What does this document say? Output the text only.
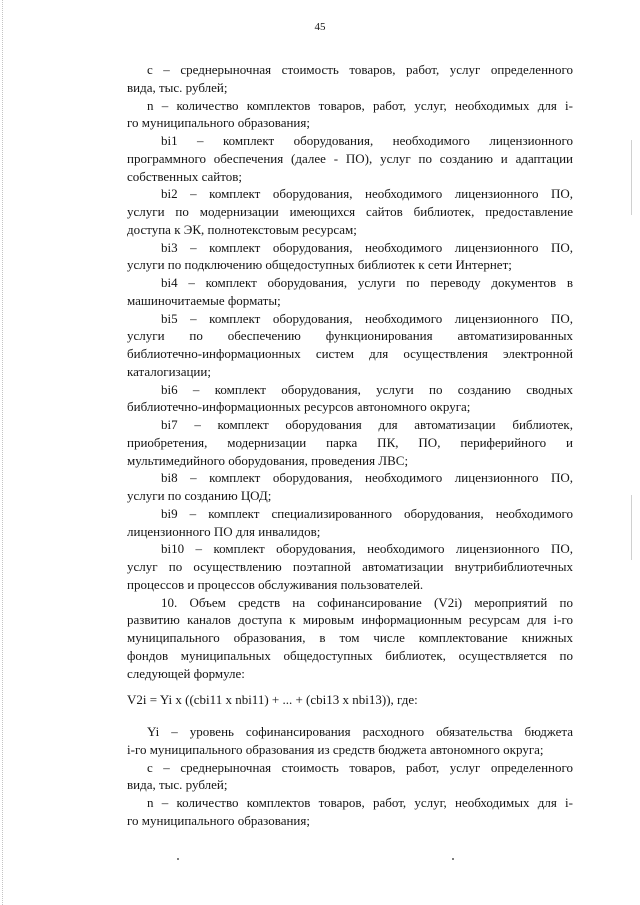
45
c – среднерыночная стоимость товаров, работ, услуг определенного
вида, тыс. рублей;
n – количество комплектов товаров, работ, услуг, необходимых для i-
го муниципального образования;
bi1 – комплект оборудования, необходимого лицензионного
программного обеспечения (далее - ПО), услуг по созданию и адаптации
собственных сайтов;
bi2 – комплект оборудования, необходимого лицензионного ПО,
услуги по модернизации имеющихся сайтов библиотек, предоставление
доступа к ЭК, полнотекстовым ресурсам;
bi3 – комплект оборудования, необходимого лицензионного ПО,
услуги по подключению общедоступных библиотек к сети Интернет;
bi4 – комплект оборудования, услуги по переводу документов в
машиночитаемые форматы;
bi5 – комплект оборудования, необходимого лицензионного ПО,
услуги по обеспечению функционирования автоматизированных
библиотечно-информационных систем для осуществления электронной
каталогизации;
bi6 – комплект оборудования, услуги по созданию сводных
библиотечно-информационных ресурсов автономного округа;
bi7 – комплект оборудования для автоматизации библиотек,
приобретения, модернизации парка ПК, ПО, периферийного и
мультимедийного оборудования, проведения ЛВС;
bi8 – комплект оборудования, необходимого лицензионного ПО,
услуги по созданию ЦОД;
bi9 – комплект специализированного оборудования, необходимого
лицензионного ПО для инвалидов;
bi10 – комплект оборудования, необходимого лицензионного ПО,
услуг по осуществлению поэтапной автоматизации внутрибиблиотечных
процессов и процессов обслуживания пользователей.
10. Объем средств на софинансирование (V2i) мероприятий по
развитию каналов доступа к мировым информационным ресурсам для i-го
муниципального образования, в том числе комплектование книжных
фондов муниципальных общедоступных библиотек, осуществляется по
следующей формуле:
V2i = Yi x ((cbi11 x nbi11) + ... + (cbi13 x nbi13)), где:
Yi – уровень софинансирования расходного обязательства бюджета
i-го муниципального образования из средств бюджета автономного округа;
c – среднерыночная стоимость товаров, работ, услуг определенного
вида, тыс. рублей;
n – количество комплектов товаров, работ, услуг, необходимых для i-
го муниципального образования;
